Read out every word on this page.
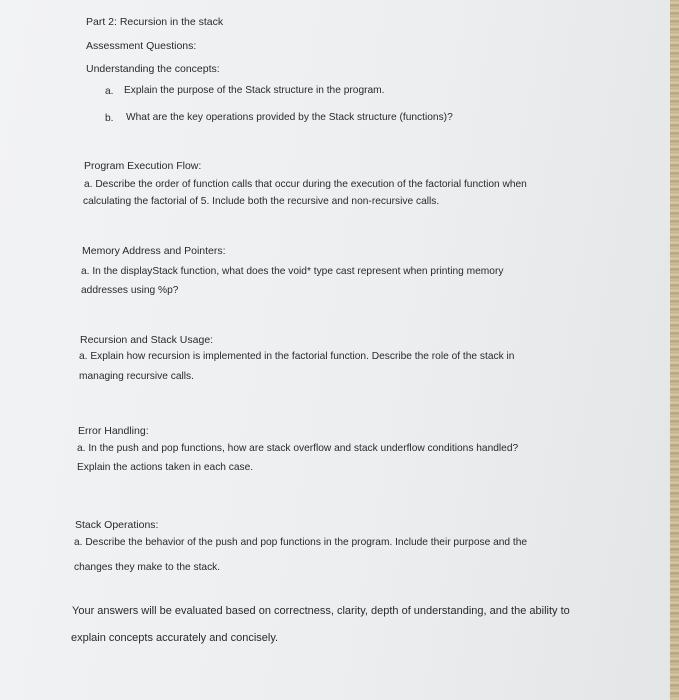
Part 2: Recursion in the stack
Assessment Questions:
Understanding the concepts:
a. Explain the purpose of the Stack structure in the program.
b. What are the key operations provided by the Stack structure (functions)?
Program Execution Flow:
a. Describe the order of function calls that occur during the execution of the factorial function when
calculating the factorial of 5. Include both the recursive and non-recursive calls.
Memory Address and Pointers:
a. In the displayStack function, what does the void* type cast represent when printing memory
addresses using %p?
Recursion and Stack Usage:
a. Explain how recursion is implemented in the factorial function. Describe the role of the stack in
managing recursive calls.
Error Handling:
a. In the push and pop functions, how are stack overflow and stack underflow conditions handled?
Explain the actions taken in each case.
Stack Operations:
a. Describe the behavior of the push and pop functions in the program. Include their purpose and the
changes they make to the stack.
Your answers will be evaluated based on correctness, clarity, depth of understanding, and the ability to
explain concepts accurately and concisely.
